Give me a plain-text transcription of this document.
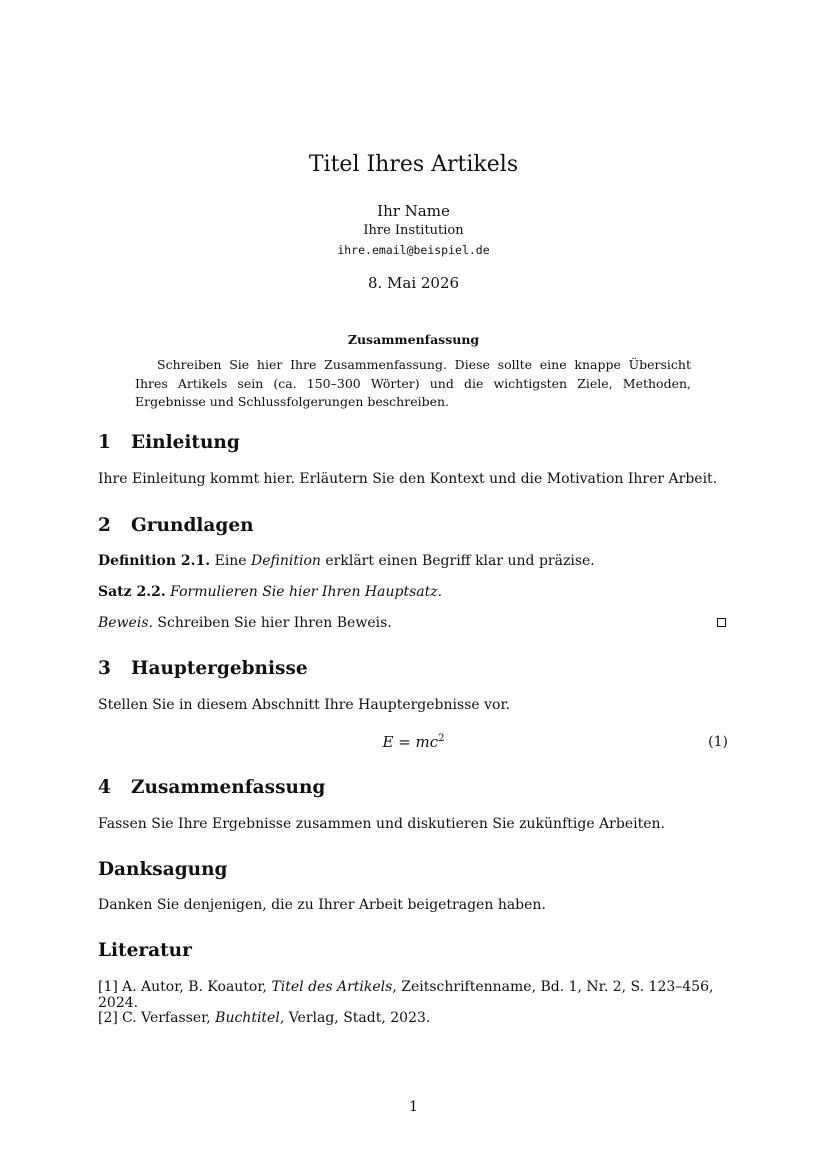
Titel Ihres Artikels
Ihr Name
Ihre Institution
ihre.email@beispiel.de
8. Mai 2026
Zusammenfassung
Schreiben Sie hier Ihre Zusammenfassung. Diese sollte eine knappe Übersicht Ihres Artikels sein (ca. 150–300 Wörter) und die wichtigsten Ziele, Methoden, Ergebnisse und Schlussfolgerungen beschreiben.
1 Einleitung
Ihre Einleitung kommt hier. Erläutern Sie den Kontext und die Motivation Ihrer Arbeit.
2 Grundlagen
Definition 2.1. Eine Definition erklärt einen Begriff klar und präzise.
Satz 2.2. Formulieren Sie hier Ihren Hauptsatz.
Beweis. Schreiben Sie hier Ihren Beweis.
3 Hauptergebnisse
Stellen Sie in diesem Abschnitt Ihre Hauptergebnisse vor.
$E = mc^2$	(1)
4 Zusammenfassung
Fassen Sie Ihre Ergebnisse zusammen und diskutieren Sie zukünftige Arbeiten.
Danksagung
Danken Sie denjenigen, die zu Ihrer Arbeit beigetragen haben.
Literatur
[1] A. Autor, B. Koautor, Titel des Artikels, Zeitschriftenname, Bd. 1, Nr. 2, S. 123–456, 2024.
[2] C. Verfasser, Buchtitel, Verlag, Stadt, 2023.
1
